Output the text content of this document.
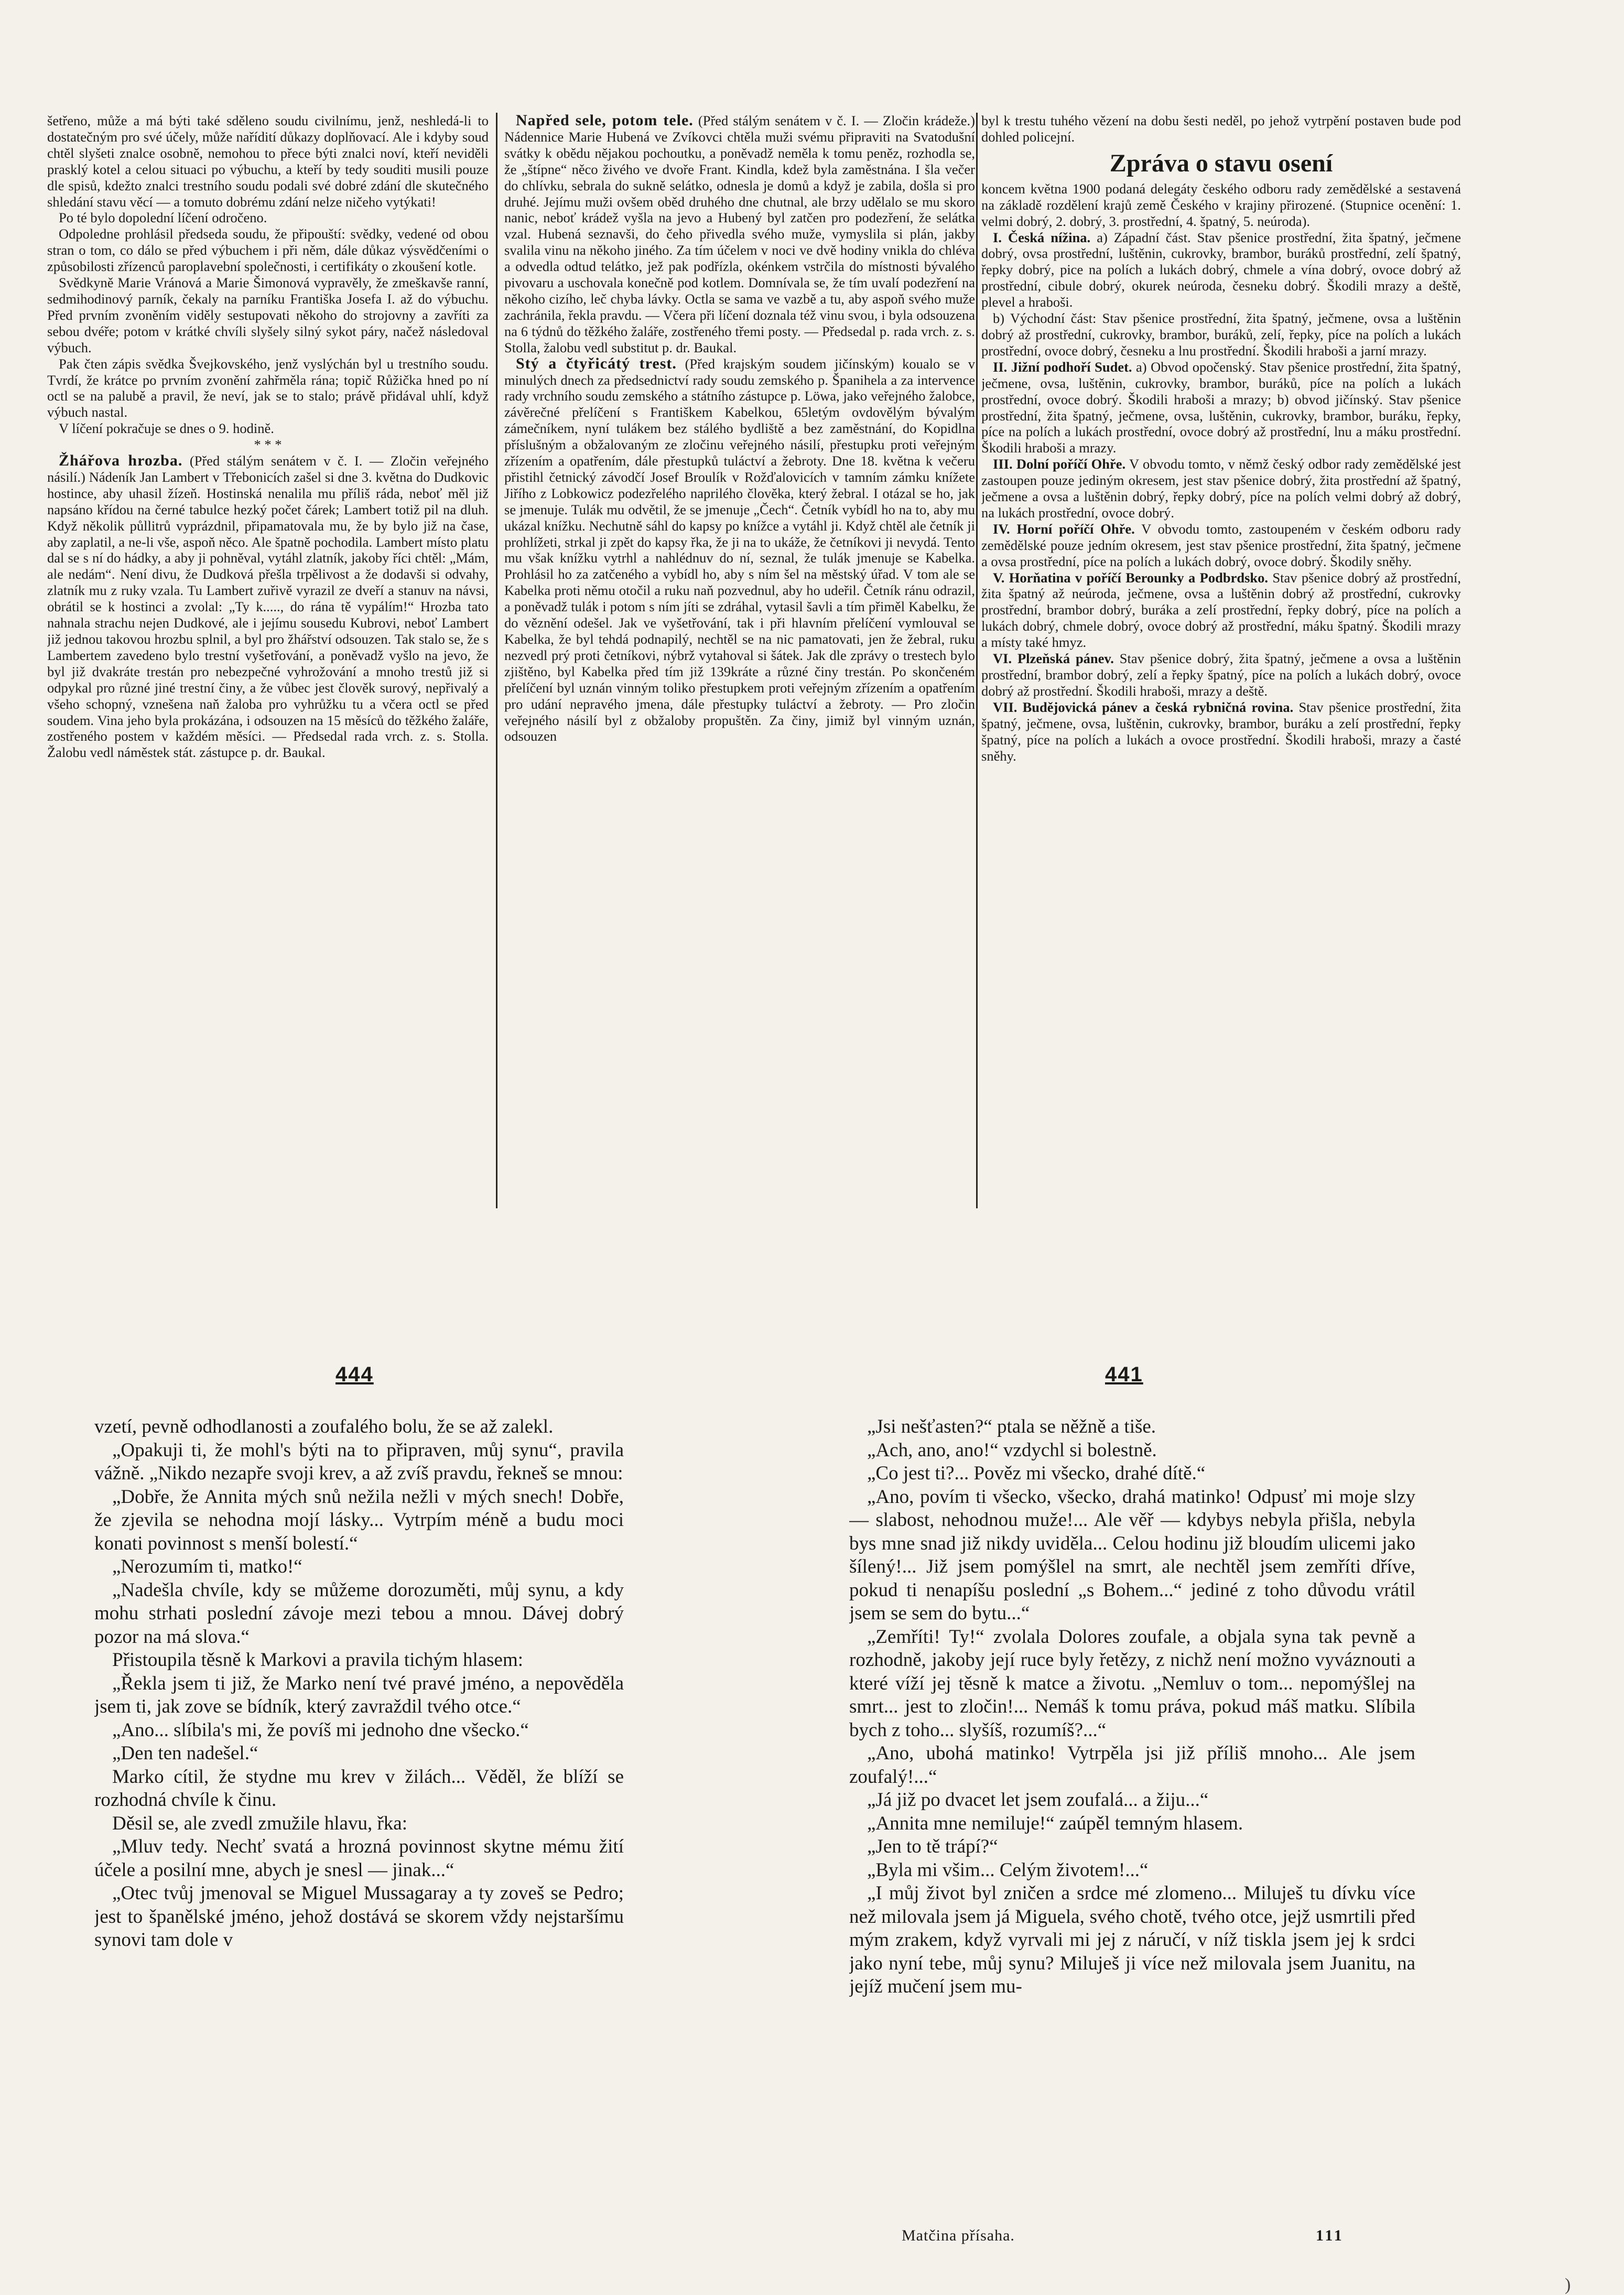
šetřeno, může a má býti také sděleno soudu civilnímu, jenž, neshledá-li to dostatečným pro své účely, může nařídití důkazy doplňovací. Ale i kdyby soud chtěl slyšeti znalce osobně, nemohou to přece býti znalci noví, kteří neviděli prasklý kotel a celou situaci po výbuchu, a kteří by tedy souditi musili pouze dle spisů, kdežto znalci trestního soudu podali své dobré zdání dle skutečného shledání stavu věcí — a tomuto dobrému zdání nelze ničeho vytýkati!

Po té bylo dopolední líčení odročeno.

Odpoledne prohlásil předseda soudu, že připouští: svědky, vedené od obou stran o tom, co dálo se před výbuchem i při něm, dále důkaz výsvědčeními o způsobilosti zřízenců paroplavební společnosti, i certifikáty o zkoušení kotle.

Svědkyně Marie Vránová a Marie Šimonová vypravěly, že zmeškavše ranní, sedmihodinový parník, čekaly na parníku Františka Josefa I. až do výbuchu. Před prvním zvoněním viděly sestupovati někoho do strojovny a zavříti za sebou dvéře; potom v krátké chvíli slyšely silný sykot páry, načež následoval výbuch.

Pak čten zápis svědka Švejkovského, jenž vyslýchán byl u trestního soudu. Tvrdí, že krátce po prvním zvonění zahřměla rána; topič Růžička hned po ní octl se na palubě a pravil, že neví, jak se to stalo; právě přidával uhlí, když výbuch nastal.

V líčení pokračuje se dnes o 9. hodině.

* * *

Žhářova hrozba. (Před stálým senátem v č. I. — Zločin veřejného násilí.) Nádeník Jan Lambert v Třebonicích zašel si dne 3. května do Dudkovic hostince, aby uhasil žízeň. Hostinská nenalila mu příliš ráda, neboť měl již napsáno křídou na černé tabulce hezký počet čárek; Lambert totiž pil na dluh. Když několik půllitrů vyprázdnil, připamatovala mu, že by bylo již na čase, aby zaplatil, a ne-li vše, aspoň něco. Ale špatně pochodila. Lambert místo platu dal se s ní do hádky, a aby ji pohněval, vytáhl zlatník, jakoby říci chtěl: „Mám, ale nedám“. Není divu, že Dudková přešla trpělivost a že dodavši si odvahy, zlatník mu z ruky vzala. Tu Lambert zuřivě vyrazil ze dveří a stanuv na návsi, obrátil se k hostinci a zvolal: „Ty k....., do rána tě vypálím!“ Hrozba tato nahnala strachu nejen Dudkové, ale i jejímu sousedu Kubrovi, neboť Lambert již jednou takovou hrozbu splnil, a byl pro žhářství odsouzen. Tak stalo se, že s Lambertem zavedeno bylo trestní vyšetřování, a poněvadž vyšlo na jevo, že byl již dvakráte trestán pro nebezpečné vyhrožování a mnoho trestů již si odpykal pro různé jiné trestní činy, a že vůbec jest člověk surový, nepřivalý a všeho schopný, vznešena naň žaloba pro vyhrůžku tu a včera octl se před soudem. Vina jeho byla prokázána, i odsouzen na 15 měsíců do těžkého žaláře, zostřeného postem v každém měsíci. — Předsedal rada vrch. z. s. Stolla. Žalobu vedl náměstek stát. zástupce p. dr. Baukal.

Napřed sele, potom tele. (Před stálým senátem v č. I. — Zločin krádeže.) Nádennice Marie Hubená ve Zvíkovci chtěla muži svému připraviti na Svatodušní svátky k obědu nějakou pochoutku, a poněvadž neměla k tomu peněz, rozhodla se, že „štípne“ něco živého ve dvoře Frant. Kindla, kdež byla zaměstnána. I šla večer do chlívku, sebrala do sukně selátko, odnesla je domů a když je zabila, došla si pro druhé. Jejímu muži ovšem oběd druhého dne chutnal, ale brzy udělalo se mu skoro nanic, neboť krádež vyšla na jevo a Hubený byl zatčen pro podezření, že selátka vzal. Hubená seznavši, do čeho přivedla svého muže, vymyslila si plán, jakby svalila vinu na někoho jiného. Za tím účelem v noci ve dvě hodiny vnikla do chléva a odvedla odtud telátko, jež pak podřízla, okénkem vstrčila do místnosti bývalého pivovaru a uschovala konečně pod kotlem. Domnívala se, že tím uvalí podezření na někoho cizího, leč chyba lávky. Octla se sama ve vazbě a tu, aby aspoň svého muže zachránila, řekla pravdu. — Včera při líčení doznala též vinu svou, i byla odsouzena na 6 týdnů do těžkého žaláře, zostřeného třemi posty. — Předsedal p. rada vrch. z. s. Stolla, žalobu vedl substitut p. dr. Baukal.

Stý a čtyřicátý trest. (Před krajským soudem jičínským) koualo se v minulých dnech za předsednictví rady soudu zemského p. Španihela a za intervence rady vrchního soudu zemského a státního zástupce p. Löwa, jako veřejného žalobce, závěrečné přelíčení s Františkem Kabelkou, 65letým ovdovělým bývalým zámečníkem, nyní tulákem bez stálého bydliště a bez zaměstnání, do Kopidlna příslušným a obžalovaným ze zločinu veřejného násilí, přestupku proti veřejným zřízením a opatřením, dále přestupků tuláctví a žebroty. Dne 18. května k večeru přistihl četnický závodčí Josef Broulík v Rožďalovicích v tamním zámku knížete Jiřího z Lobkowicz podezřelého naprilého člověka, který žebral. I otázal se ho, jak se jmenuje. Tulák mu odvětil, že se jmenuje „Čech“. Četník vybídl ho na to, aby mu ukázal knížku. Nechutně sáhl do kapsy po knížce a vytáhl ji. Když chtěl ale četník ji prohlížeti, strkal ji zpět do kapsy řka, že ji na to ukáže, že četníkovi ji nevydá. Tento mu však knížku vytrhl a nahlédnuv do ní, seznal, že tulák jmenuje se Kabelka. Prohlásil ho za zatčeného a vybídl ho, aby s ním šel na městský úřad. V tom ale se Kabelka proti němu otočil a ruku naň pozvednul, aby ho udeřil. Četník ránu odrazil, a poněvadž tulák i potom s ním jíti se zdráhal, vytasil šavli a tím přiměl Kabelku, že do věznění odešel. Jak ve vyšetřování, tak i při hlavním přelíčení vymlouval se Kabelka, že byl tehdá podnapilý, nechtěl se na nic pamatovati, jen že žebral, ruku nezvedl prý proti četníkovi, nýbrž vytahoval si šátek. Jak dle zprávy o trestech bylo zjištěno, byl Kabelka před tím již 139kráte a různé činy trestán. Po skončeném přelíčení byl uznán vinným toliko přestupkem proti veřejným zřízením a opatřením pro udání nepravého jmena, dále přestupky tuláctví a žebroty. — Pro zločin veřejného násilí byl z obžaloby propuštěn. Za činy, jimiž byl vinným uznán, odsouzen

byl k trestu tuhého vězení na dobu šesti neděl, po jehož vytrpění postaven bude pod dohled policejní.

Zpráva o stavu osení

koncem května 1900 podaná delegáty českého odboru rady zemědělské a sestavená na základě rozdělení krajů země Českého v krajiny přirozené. (Stupnice ocenění: 1. velmi dobrý, 2. dobrý, 3. prostřední, 4. špatný, 5. neúroda).

I. Česká nížina. a) Západní část. Stav pšenice prostřední, žita špatný, ječmene dobrý, ovsa prostřední, luštěnin, cukrovky, brambor, buráků prostřední, zelí špatný, řepky dobrý, pice na polích a lukách dobrý, chmele a vína dobrý, ovoce dobrý až prostřední, cibule dobrý, okurek neúroda, česneku dobrý. Škodili mrazy a deště, plevel a hraboši.

b) Východní část: Stav pšenice prostřední, žita špatný, ječmene, ovsa a luštěnin dobrý až prostřední, cukrovky, brambor, buráků, zelí, řepky, píce na polích a lukách prostřední, ovoce dobrý, česneku a lnu prostřední. Škodili hraboši a jarní mrazy.

II. Jižní podhoří Sudet. a) Obvod opočenský. Stav pšenice prostřední, žita špatný, ječmene, ovsa, luštěnin, cukrovky, brambor, buráků, píce na polích a lukách prostřední, ovoce dobrý. Škodili hraboši a mrazy; b) obvod jičínský. Stav pšenice prostřední, žita špatný, ječmene, ovsa, luštěnin, cukrovky, brambor, buráku, řepky, píce na polích a lukách prostřední, ovoce dobrý až prostřední, lnu a máku prostřední. Škodili hraboši a mrazy.

III. Dolní poříčí Ohře. V obvodu tomto, v němž český odbor rady zemědělské jest zastoupen pouze jediným okresem, jest stav pšenice dobrý, žita prostřední až špatný, ječmene a ovsa a luštěnin dobrý, řepky dobrý, píce na polích velmi dobrý až dobrý, na lukách prostřední, ovoce dobrý.

IV. Horní poříčí Ohře. V obvodu tomto, zastoupeném v českém odboru rady zemědělské pouze jedním okresem, jest stav pšenice prostřední, žita špatný, ječmene a ovsa prostřední, píce na polích a lukách dobrý, ovoce dobrý. Škodily sněhy.

V. Horňatina v poříčí Berounky a Podbrdsko. Stav pšenice dobrý až prostřední, žita špatný až neúroda, ječmene, ovsa a luštěnin dobrý až prostřední, cukrovky prostřední, brambor dobrý, buráka a zelí prostřední, řepky dobrý, píce na polích a lukách dobrý, chmele dobrý, ovoce dobrý až prostřední, máku špatný. Škodili mrazy a místy také hmyz.

VI. Plzeňská pánev. Stav pšenice dobrý, žita špatný, ječmene a ovsa a luštěnin prostřední, brambor dobrý, zelí a řepky špatný, píce na polích a lukách dobrý, ovoce dobrý až prostřední. Škodili hraboši, mrazy a deště.

VII. Budějovická pánev a česká rybničná rovina. Stav pšenice prostřední, žita špatný, ječmene, ovsa, luštěnin, cukrovky, brambor, buráku a zelí prostřední, řepky špatný, píce na polích a lukách a ovoce prostřední. Škodili hraboši, mrazy a časté sněhy.

444	441

vzetí, pevně odhodlanosti a zoufalého bolu, že se až zalekl.

„Opakuji ti, že mohl's býti na to připraven, můj synu“, pravila vážně. „Nikdo nezapře svoji krev, a až zvíš pravdu, řekneš se mnou:

„Dobře, že Annita mých snů nežila nežli v mých snech! Dobře, že zjevila se nehodna mojí lásky... Vytrpím méně a budu moci konati povinnost s menší bolestí.“

„Nerozumím ti, matko!“

„Nadešla chvíle, kdy se můžeme dorozuměti, můj synu, a kdy mohu strhati poslední závoje mezi tebou a mnou. Dávej dobrý pozor na má slova.“

Přistoupila těsně k Markovi a pravila tichým hlasem:

„Řekla jsem ti již, že Marko není tvé pravé jméno, a nepověděla jsem ti, jak zove se bídník, který zavraždil tvého otce.“

„Ano... slíbila's mi, že povíš mi jednoho dne všecko.“

„Den ten nadešel.“

Marko cítil, že stydne mu krev v žilách... Věděl, že blíží se rozhodná chvíle k činu.

Děsil se, ale zvedl zmužile hlavu, řka:

„Mluv tedy. Nechť svatá a hrozná povinnost skytne mému žití účele a posilní mne, abych je snesl — jinak...“

„Otec tvůj jmenoval se Miguel Mussagaray a ty zoveš se Pedro; jest to španělské jméno, jehož dostává se skorem vždy nejstaršímu synovi tam dole v

„Jsi nešťasten?“ ptala se něžně a tiše.

„Ach, ano, ano!“ vzdychl si bolestně.

„Co jest ti?... Pověz mi všecko, drahé dítě.“

„Ano, povím ti všecko, všecko, drahá matinko! Odpusť mi moje slzy — slabost, nehodnou muže!... Ale věř — kdybys nebyla přišla, nebyla bys mne snad již nikdy uviděla... Celou hodinu již bloudím ulicemi jako šílený!... Již jsem pomýšlel na smrt, ale nechtěl jsem zemříti dříve, pokud ti nenapíšu poslední „s Bohem...“ jediné z toho důvodu vrátil jsem se sem do bytu...“

„Zemříti! Ty!“ zvolala Dolores zoufale, a objala syna tak pevně a rozhodně, jakoby její ruce byly řetězy, z nichž není možno vyváznouti a které víží jej těsně k matce a životu. „Nemluv o tom... nepomýšlej na smrt... jest to zločin!... Nemáš k tomu práva, pokud máš matku. Slíbila bych z toho... slyšíš, rozumíš?...“

„Ano, ubohá matinko! Vytrpěla jsi již příliš mnoho... Ale jsem zoufalý!...“

„Já již po dvacet let jsem zoufalá... a žiju...“

„Annita mne nemiluje!“ zaúpěl temným hlasem.

„Jen to tě trápí?“

„Byla mi všim... Celým životem!...“

„I můj život byl zničen a srdce mé zlomeno... Miluješ tu dívku více než milovala jsem já Miguela, svého chotě, tvého otce, jejž usmrtili před mým zrakem, když vyrvali mi jej z náručí, v níž tiskla jsem jej k srdci jako nyní tebe, můj synu? Miluješ ji více než milovala jsem Juanitu, na jejíž mučení jsem mu-

Matčina přísaha.	111
)
